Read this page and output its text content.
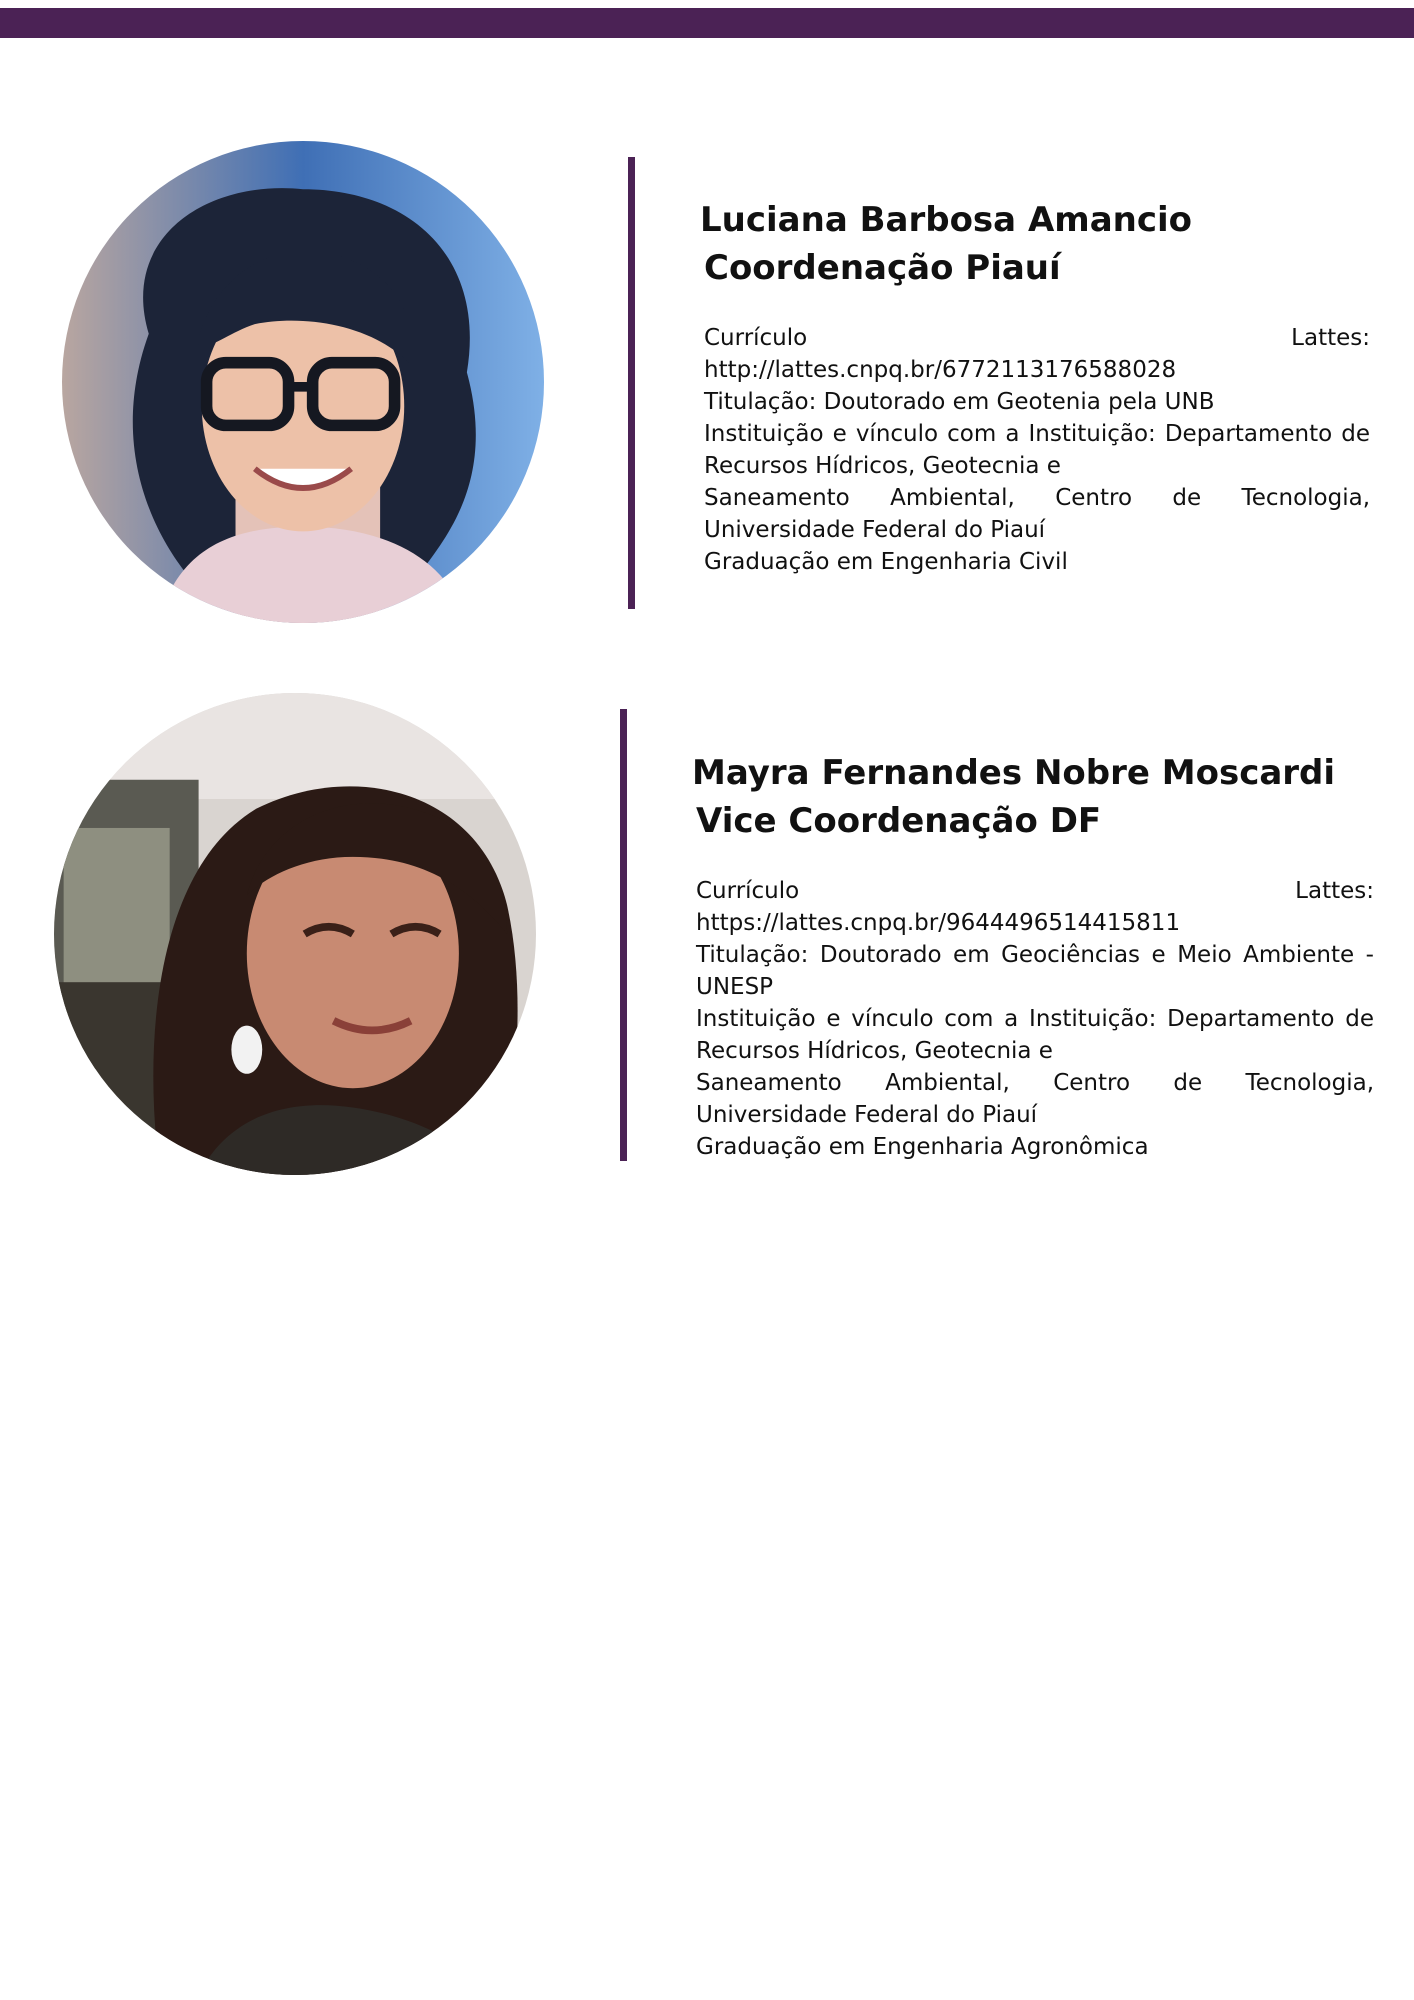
Luciana Barbosa Amancio
Coordenação Piauí

Currículo Lattes: http://lattes.cnpq.br/6772113176588028

Titulação: Doutorado em Geotenia pela UNB

Instituição e vínculo com a Instituição: Departamento de Recursos Hídricos, Geotecnia e

Saneamento Ambiental, Centro de Tecnologia, Universidade Federal do Piauí

Graduação em Engenharia Civil

Mayra Fernandes Nobre Moscardi
Vice Coordenação DF

Currículo Lattes: https://lattes.cnpq.br/9644496514415811

Titulação: Doutorado em Geociências e Meio Ambiente - UNESP

Instituição e vínculo com a Instituição: Departamento de Recursos Hídricos, Geotecnia e

Saneamento Ambiental, Centro de Tecnologia, Universidade Federal do Piauí

Graduação em Engenharia Agronômica
